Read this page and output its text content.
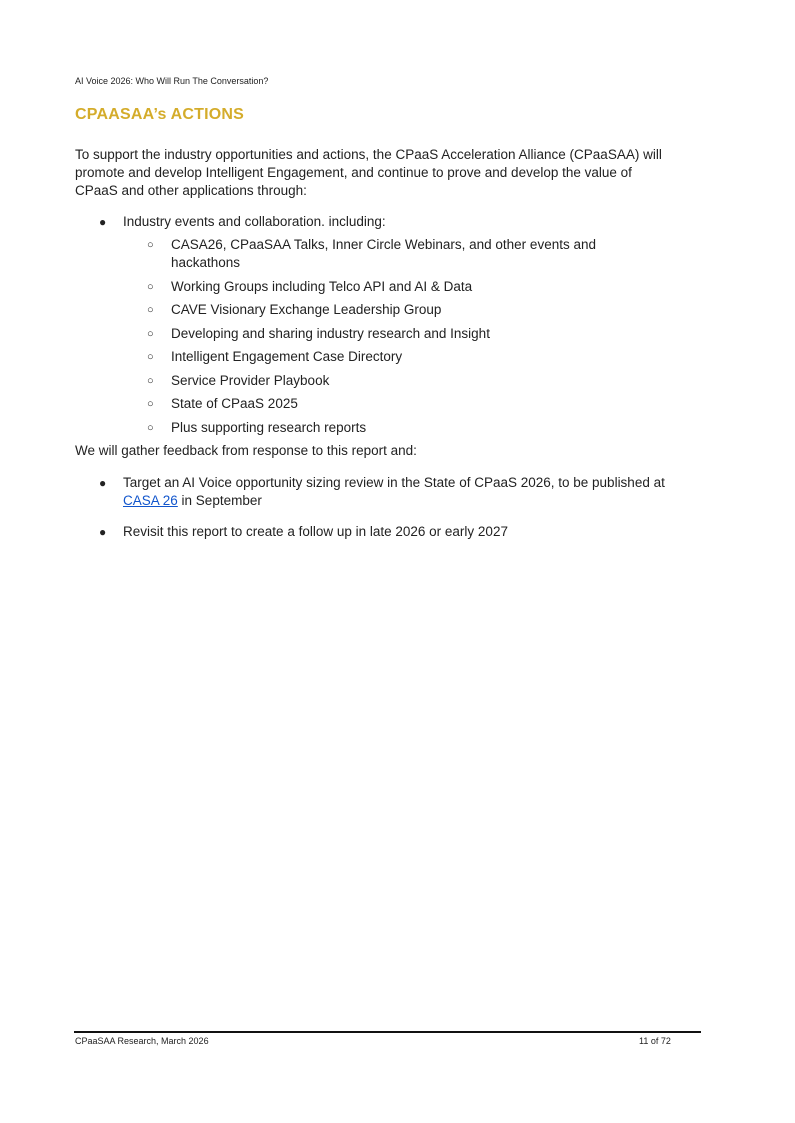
AI Voice 2026: Who Will Run The Conversation?
CPAASAA’s ACTIONS

To support the industry opportunities and actions, the CPaaS Acceleration Alliance (CPaaSAA) will promote and develop Intelligent Engagement, and continue to prove and develop the value of CPaaS and other applications through:

● Industry events and collaboration. including:
○ CASA26, CPaaSAA Talks, Inner Circle Webinars, and other events and hackathons
○ Working Groups including Telco API and AI & Data
○ CAVE Visionary Exchange Leadership Group
○ Developing and sharing industry research and Insight
○ Intelligent Engagement Case Directory
○ Service Provider Playbook
○ State of CPaaS 2025
○ Plus supporting research reports

We will gather feedback from response to this report and:

● Target an AI Voice opportunity sizing review in the State of CPaaS 2026, to be published at CASA 26 in September
● Revisit this report to create a follow up in late 2026 or early 2027
CPaaSAA Research, March 2026	11 of 72
